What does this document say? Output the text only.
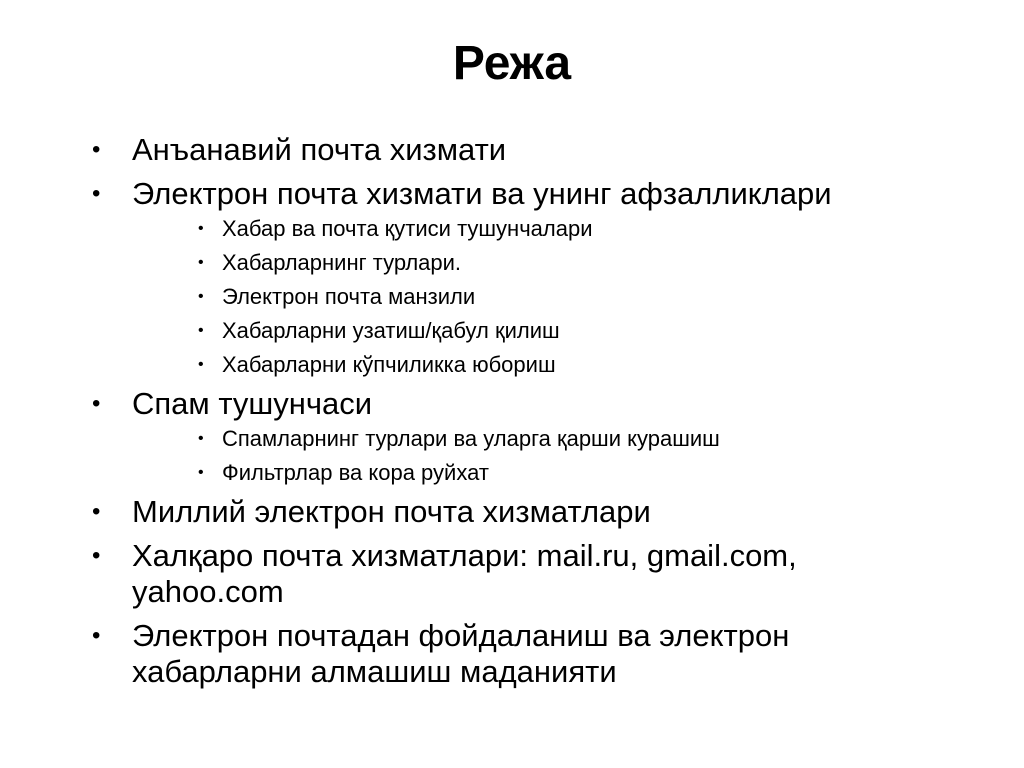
Режа
• Анъанавий почта хизмати
• Электрон почта хизмати ва унинг афзалликлари
• Хабар ва почта қутиси тушунчалари
• Хабарларнинг турлари.
• Электрон почта манзили
• Хабарларни узатиш/қабул қилиш
• Хабарларни кўпчиликка юбориш
• Спам тушунчаси
• Спамларнинг турлари ва уларга қарши курашиш
• Фильтрлар ва кора руйхат
• Миллий электрон почта хизматлари
• Халқаро почта хизматлари: mail.ru, gmail.com, yahoo.com
• Электрон почтадан фойдаланиш ва электрон хабарларни алмашиш маданияти
